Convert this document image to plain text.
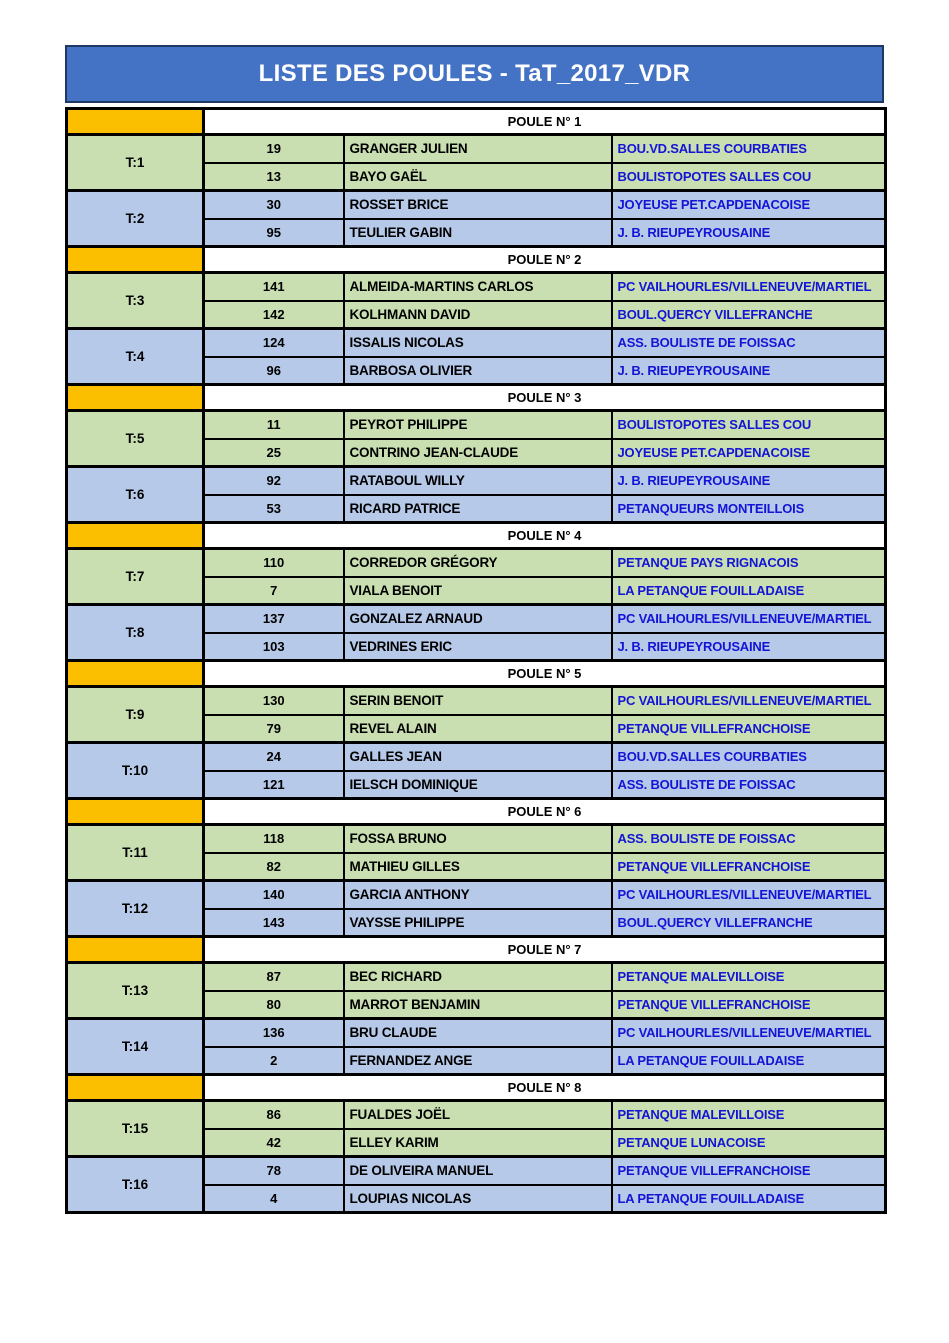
LISTE DES POULES - TaT_2017_VDR
	POULE N° 1		
T:1	19	GRANGER JULIEN	BOU.VD.SALLES COURBATIES
	13	BAYO GAËL	BOULISTOPOTES SALLES COU
T:2	30	ROSSET BRICE	JOYEUSE PET.CAPDENACOISE
	95	TEULIER GABIN	J. B. RIEUPEYROUSAINE
	POULE N° 2		
T:3	141	ALMEIDA-MARTINS CARLOS	PC VAILHOURLES/VILLENEUVE/MARTIEL
	142	KOLHMANN DAVID	BOUL.QUERCY VILLEFRANCHE
T:4	124	ISSALIS NICOLAS	ASS. BOULISTE DE FOISSAC
	96	BARBOSA OLIVIER	J. B. RIEUPEYROUSAINE
	POULE N° 3		
T:5	11	PEYROT PHILIPPE	BOULISTOPOTES SALLES COU
	25	CONTRINO JEAN-CLAUDE	JOYEUSE PET.CAPDENACOISE
T:6	92	RATABOUL WILLY	J. B. RIEUPEYROUSAINE
	53	RICARD PATRICE	PETANQUEURS MONTEILLOIS
	POULE N° 4		
T:7	110	CORREDOR GRÉGORY	PETANQUE PAYS RIGNACOIS
	7	VIALA BENOIT	LA PETANQUE FOUILLADAISE
T:8	137	GONZALEZ ARNAUD	PC VAILHOURLES/VILLENEUVE/MARTIEL
	103	VEDRINES ERIC	J. B. RIEUPEYROUSAINE
	POULE N° 5		
T:9	130	SERIN BENOIT	PC VAILHOURLES/VILLENEUVE/MARTIEL
	79	REVEL ALAIN	PETANQUE VILLEFRANCHOISE
T:10	24	GALLES JEAN	BOU.VD.SALLES COURBATIES
	121	IELSCH DOMINIQUE	ASS. BOULISTE DE FOISSAC
	POULE N° 6		
T:11	118	FOSSA BRUNO	ASS. BOULISTE DE FOISSAC
	82	MATHIEU GILLES	PETANQUE VILLEFRANCHOISE
T:12	140	GARCIA ANTHONY	PC VAILHOURLES/VILLENEUVE/MARTIEL
	143	VAYSSE PHILIPPE	BOUL.QUERCY VILLEFRANCHE
	POULE N° 7		
T:13	87	BEC RICHARD	PETANQUE MALEVILLOISE
	80	MARROT BENJAMIN	PETANQUE VILLEFRANCHOISE
T:14	136	BRU CLAUDE	PC VAILHOURLES/VILLENEUVE/MARTIEL
	2	FERNANDEZ ANGE	LA PETANQUE FOUILLADAISE
	POULE N° 8		
T:15	86	FUALDES JOËL	PETANQUE MALEVILLOISE
	42	ELLEY KARIM	PETANQUE LUNACOISE
T:16	78	DE OLIVEIRA MANUEL	PETANQUE VILLEFRANCHOISE
	4	LOUPIAS NICOLAS	LA PETANQUE FOUILLADAISE
